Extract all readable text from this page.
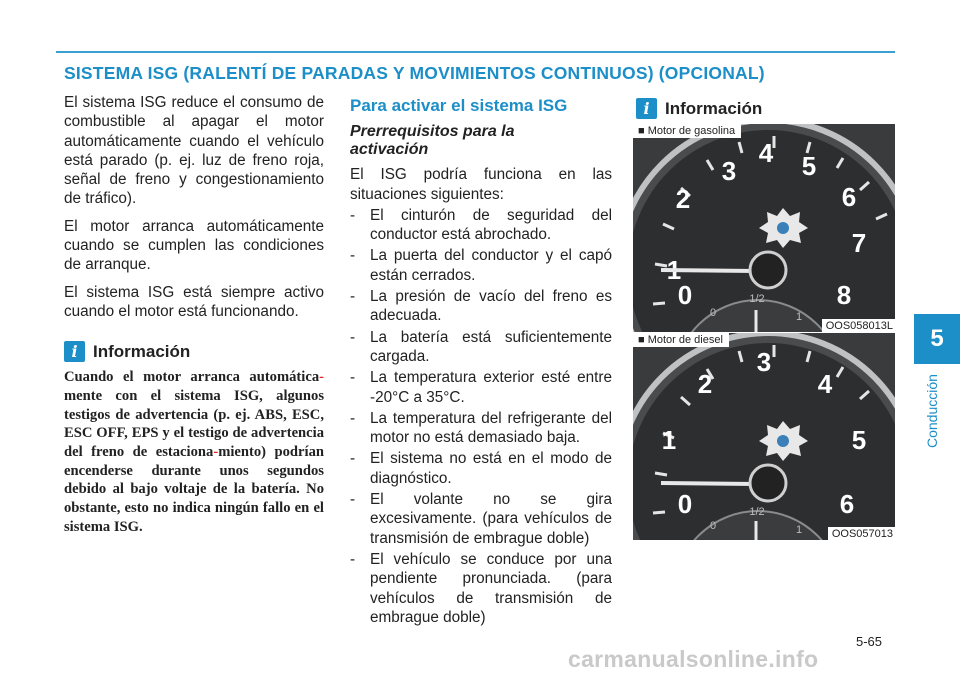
SISTEMA ISG (RALENTÍ DE PARADAS Y MOVIMIENTOS CONTINUOS) (OPCIONAL)

El sistema ISG reduce el consumo de combustible al apagar el motor automáticamente cuando el vehículo está parado (p. ej. luz de freno roja, señal de freno y congestionamiento de tráfico).

El motor arranca automáticamente cuando se cumplen las condiciones de arranque.

El sistema ISG está siempre activo cuando el motor está funcionando.

i Información
Cuando el motor arranca automática- mente con el sistema ISG, algunos testigos de advertencia (p. ej. ABS, ESC, ESC OFF, EPS y el testigo de advertencia del freno de estaciona-miento) podrían encenderse durante unos segundos debido al bajo voltaje de la batería. No obstante, esto no indica ningún fallo en el sistema ISG.
Para activar el sistema ISG
Prerrequisitos para la activación

El ISG podría funciona en las situaciones siguientes:

- El cinturón de seguridad del conductor está abrochado.
- La puerta del conductor y el capó están cerrados.
- La presión de vacío del freno es adecuada.
- La batería está suficientemente cargada.
- La temperatura exterior esté entre -20°C a 35°C.
- La temperatura del refrigerante del motor no está demasiado baja.
- El sistema no está en el modo de diagnóstico.
- El volante no se gira excesivamente. (para vehículos de transmisión de embrague doble)
- El vehículo se conduce por una pendiente pronunciada. (para vehículos de transmisión de embrague doble)
i Información
0
2
3
4 5
6
7
8
0
1/2
1
■ Motor de gasolina
OOS058013L
0
1
2
3
4
5
6
0
1/2
1
■ Motor de diesel
OOS057013
5
Conducción
5-65
carmanualsonline.info
